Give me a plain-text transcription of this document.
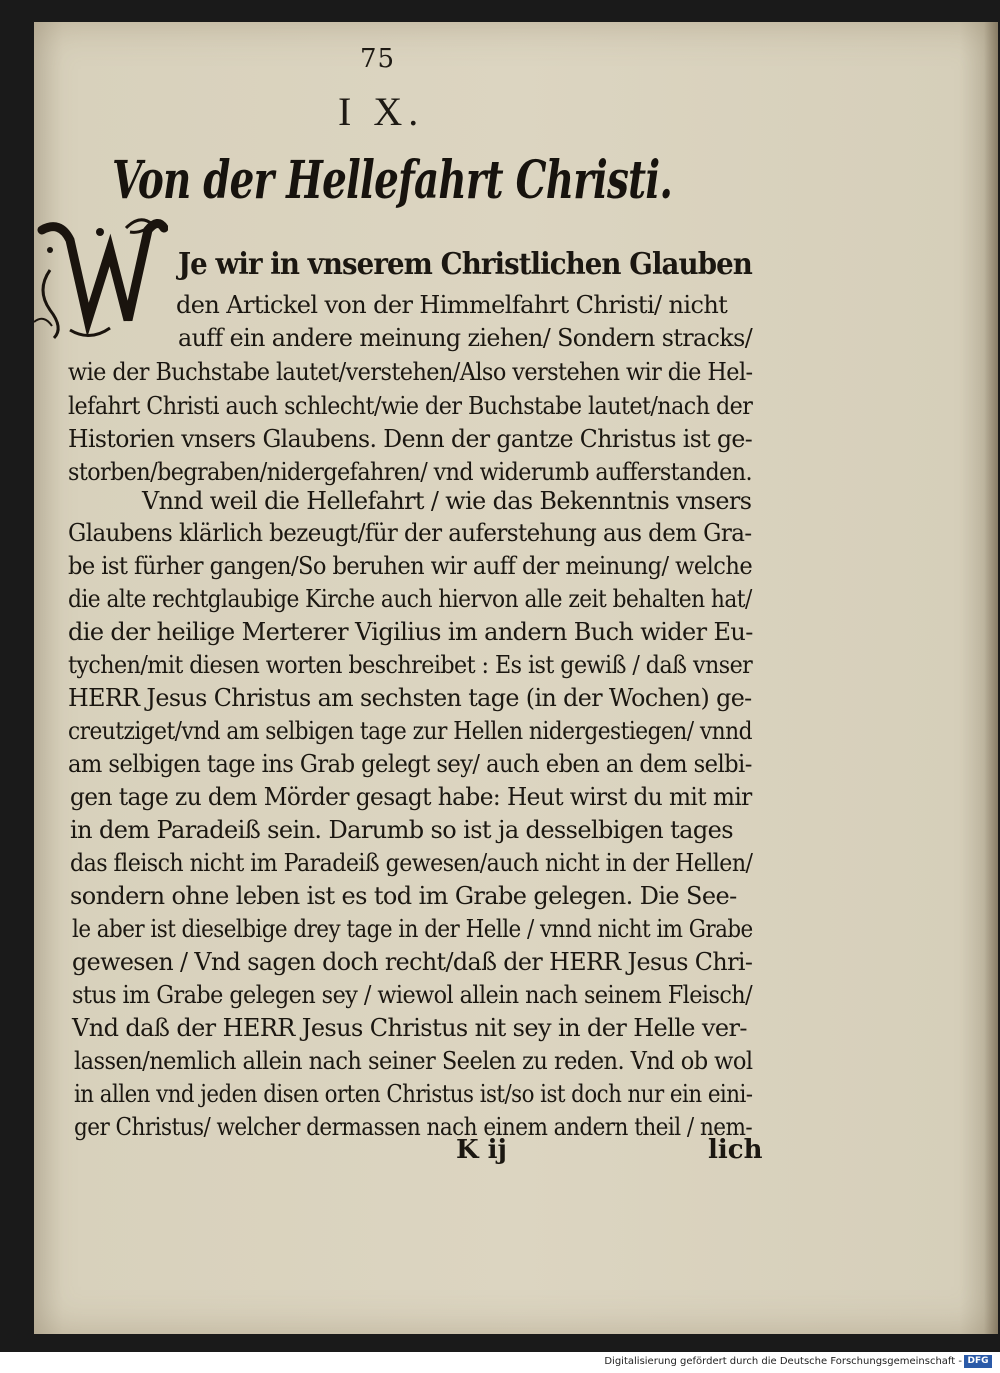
75
I X.
Von der Hellefahrt Christi.
W
Je wir in vnserem Christlichen Glauben
den Artickel von der Himmelfahrt Christi/ nicht
auff ein andere meinung ziehen/ Sondern stracks/
wie der Buchstabe lautet/verstehen/Also verstehen wir die Hel-
lefahrt Christi auch schlecht/wie der Buchstabe lautet/nach der
Historien vnsers Glaubens. Denn der gantze Christus ist ge-
storben/begraben/nidergefahren/ vnd widerumb aufferstanden.
Vnnd weil die Hellefahrt / wie das Bekenntnis vnsers
Glaubens klärlich bezeugt/für der auferstehung aus dem Gra-
be ist fürher gangen/So beruhen wir auff der meinung/ welche
die alte rechtglaubige Kirche auch hiervon alle zeit behalten hat/
die der heilige Merterer Vigilius im andern Buch wider Eu-
tychen/mit diesen worten beschreibet : Es ist gewiß / daß vnser
HERR Jesus Christus am sechsten tage (in der Wochen) ge-
creutziget/vnd am selbigen tage zur Hellen nidergestiegen/ vnnd
am selbigen tage ins Grab gelegt sey/ auch eben an dem selbi-
gen tage zu dem Mörder gesagt habe: Heut wirst du mit mir
in dem Paradeiß sein. Darumb so ist ja desselbigen tages
das fleisch nicht im Paradeiß gewesen/auch nicht in der Hellen/
sondern ohne leben ist es tod im Grabe gelegen. Die See-
le aber ist dieselbige drey tage in der Helle / vnnd nicht im Grabe
gewesen / Vnd sagen doch recht/daß der HERR Jesus Chri-
stus im Grabe gelegen sey / wiewol allein nach seinem Fleisch/
Vnd daß der HERR Jesus Christus nit sey in der Helle ver-
lassen/nemlich allein nach seiner Seelen zu reden. Vnd ob wol
in allen vnd jeden disen orten Christus ist/so ist doch nur ein eini-
ger Christus/ welcher dermassen nach einem andern theil / nem-
K ij	lich
Digitalisierung gefördert durch die Deutsche Forschungsgemeinschaft - DFG
